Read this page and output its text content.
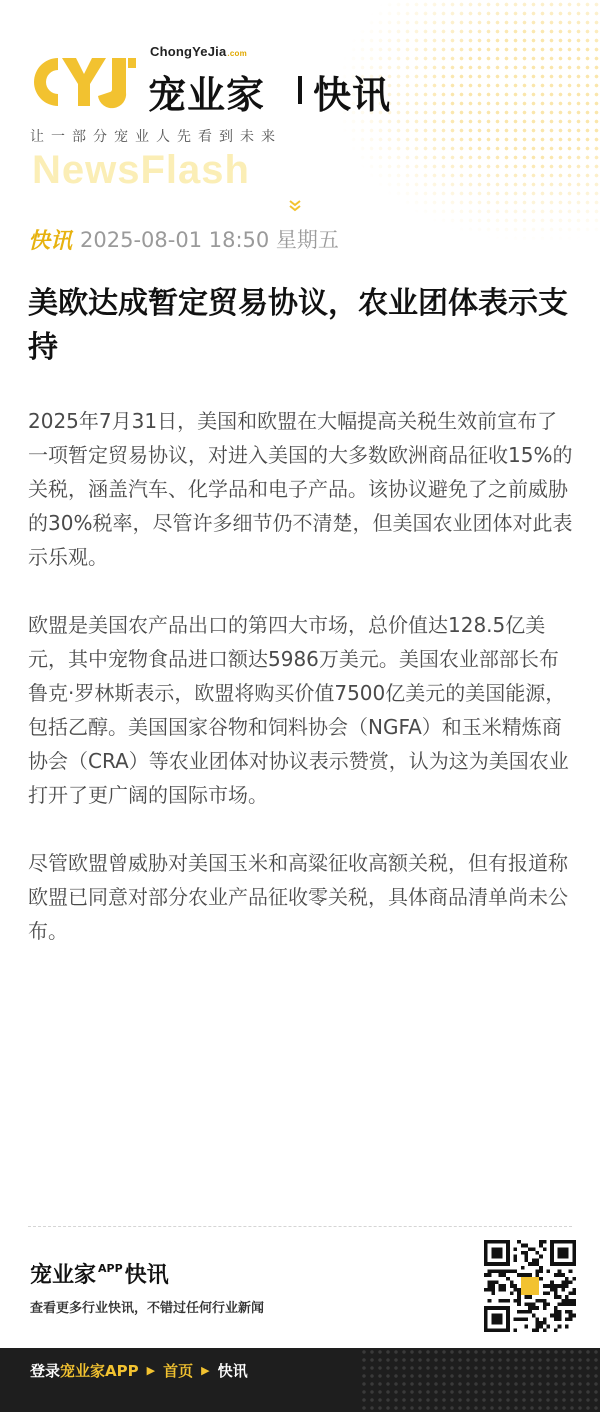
ChongYeJia.com
宠业家 快讯
让一部分宠业人先看到未来
NewsFlash
快讯 2025-08-01 18:50 星期五
美欧达成暂定贸易协议，农业团体表示支持

2025年7月31日，美国和欧盟在大幅提高关税生效前宣布了一项暂定贸易协议，对进入美国的大多数欧洲商品征收15%的关税，涵盖汽车、化学品和电子产品。该协议避免了之前威胁的30%税率，尽管许多细节仍不清楚，但美国农业团体对此表示乐观。

欧盟是美国农产品出口的第四大市场，总价值达128.5亿美元，其中宠物食品进口额达5986万美元。美国农业部部长布鲁克·罗林斯表示，欧盟将购买价值7500亿美元的美国能源，包括乙醇。美国国家谷物和饲料协会（NGFA）和玉米精炼商协会（CRA）等农业团体对协议表示赞赏，认为这为美国农业打开了更广阔的国际市场。

尽管欧盟曾威胁对美国玉米和高粱征收高额关税，但有报道称欧盟已同意对部分农业产品征收零关税，具体商品清单尚未公布。

宠业家 $^{APP}$快讯
查看更多行业快讯，不错过任何行业新闻
登录 宠业家APP ▶ 首页 ▶ 快讯
